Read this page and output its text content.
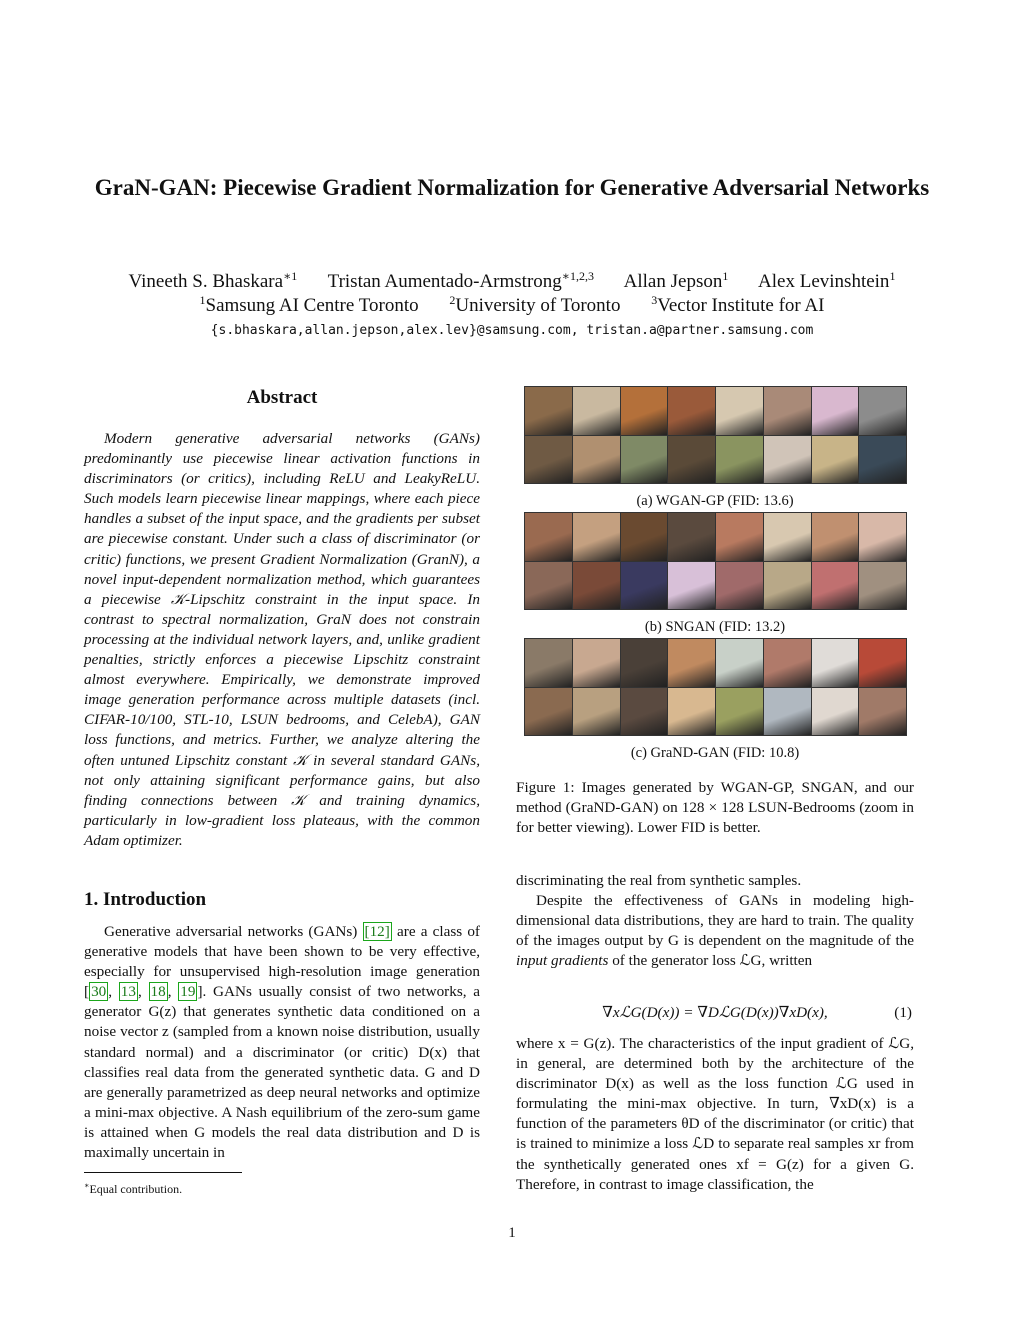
GraN-GAN: Piecewise Gradient Normalization for Generative Adversarial Networks
Vineeth S. Bhaskara$^{∗1}$ Tristan Aumentado-Armstrong$^{∗1,2,3}$ Allan Jepson$^1$ Alex Levinshtein$^1$
$^1$Samsung AI Centre Toronto	$^2$University of Toronto	$^3$Vector Institute for AI
{s.bhaskara,allan.jepson,alex.lev}@samsung.com, tristan.a@partner.samsung.com
Abstract
Modern generative adversarial networks (GANs) predominantly use piecewise linear activation functions in discriminators (or critics), including ReLU and LeakyReLU. Such models learn piecewise linear mappings, where each piece handles a subset of the input space, and the gradients per subset are piecewise constant. Under such a class of discriminator (or critic) functions, we present Gradient Normalization (GranN), a novel input-dependent normalization method, which guarantees a piecewise 𝒦-Lipschitz constraint in the input space. In contrast to spectral normalization, GraN does not constrain processing at the individual network layers, and, unlike gradient penalties, strictly enforces a piecewise Lipschitz constraint almost everywhere. Empirically, we demonstrate improved image generation performance across multiple datasets (incl. CIFAR-10/100, STL-10, LSUN bedrooms, and CelebA), GAN loss functions, and metrics. Further, we analyze altering the often untuned Lipschitz constant 𝒦 in several standard GANs, not only attaining significant performance gains, but also finding connections between 𝒦 and training dynamics, particularly in low-gradient loss plateaus, with the common Adam optimizer.
1. Introduction
Generative adversarial networks (GANs) [12] are a class of generative models that have been shown to be very effective, especially for unsupervised high-resolution image generation [ 30 , 13 , 18 , 19 ]. GANs usually consist of two networks, a generator G(z) that generates synthetic data conditioned on a noise vector z (sampled from a known noise distribution, usually standard normal) and a discriminator (or critic) D(x) that classifies real data from the generated synthetic data. G and D are generally parametrized as deep neural networks and optimize a mini-max objective. A Nash equilibrium of the zero-sum game is attained when G models the real data distribution and D is maximally uncertain in
∗Equal contribution.
(a) WGAN-GP (FID: 13.6)
(b) SNGAN (FID: 13.2)
(c) GraND-GAN (FID: 10.8)
Figure 1: Images generated by WGAN-GP, SNGAN, and our method (GraND-GAN) on 128 × 128 LSUN-Bedrooms (zoom in for better viewing). Lower FID is better.

discriminating the real from synthetic samples.

Despite the effectiveness of GANs in modeling high-dimensional data distributions, they are hard to train. The quality of the images output by G is dependent on the magnitude of the input gradients of the generator loss ℒG, written

∇xℒG(D(x)) = ∇DℒG(D(x))∇xD(x),	(1)
where x = G(z). The characteristics of the input gradient of ℒG, in general, are determined both by the architecture of the discriminator D(x) as well as the loss function ℒG used in formulating the mini-max objective. In turn, ∇xD(x) is a function of the parameters θD of the discriminator (or critic) that is trained to minimize a loss ℒD to separate real samples xr from the synthetically generated ones xf = G(z) for a given G. Therefore, in contrast to image classification, the
1
